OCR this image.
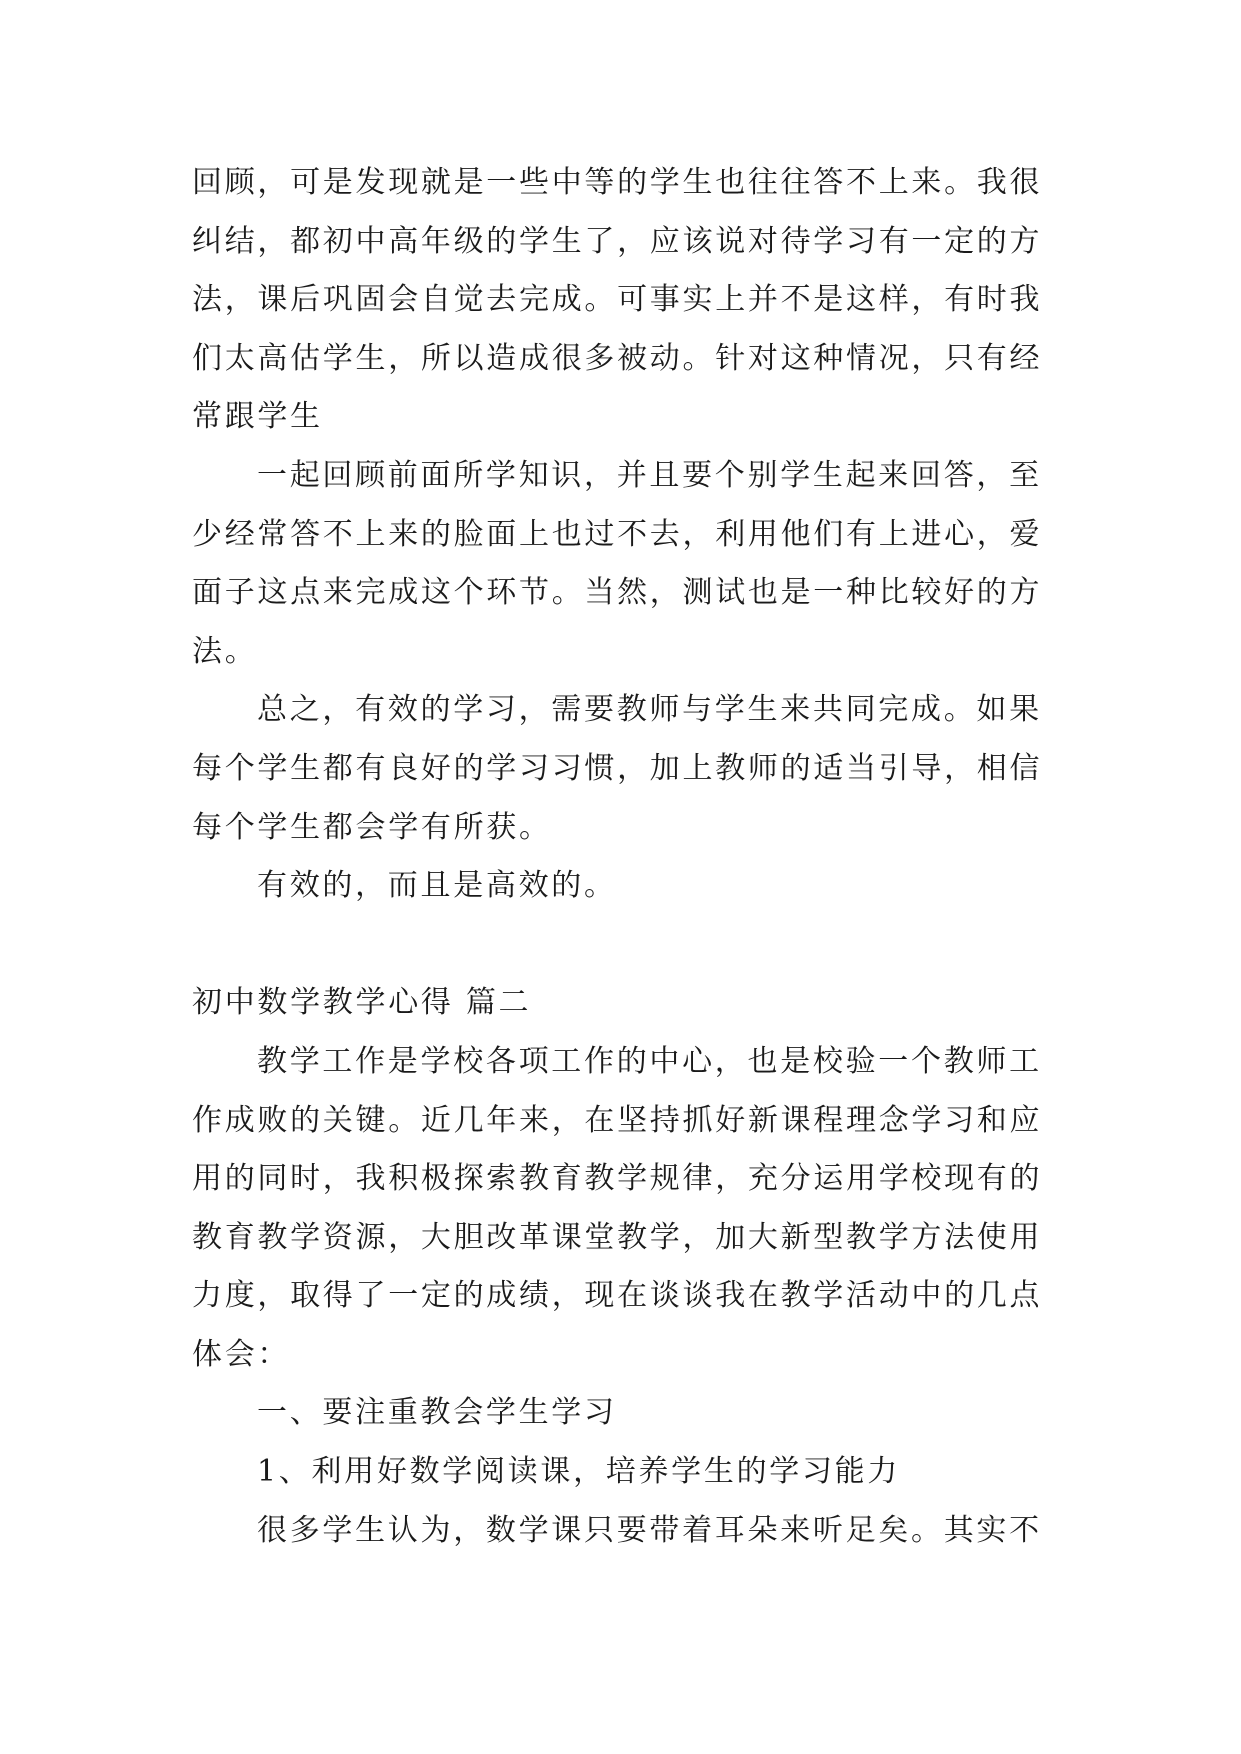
回顾，可是发现就是一些中等的学生也往往答不上来。我很
纠结，都初中高年级的学生了，应该说对待学习有一定的方
法，课后巩固会自觉去完成。可事实上并不是这样，有时我
们太高估学生，所以造成很多被动。针对这种情况，只有经
常跟学生
一起回顾前面所学知识，并且要个别学生起来回答，至
少经常答不上来的脸面上也过不去，利用他们有上进心，爱
面子这点来完成这个环节。当然，测试也是一种比较好的方
法。
总之，有效的学习，需要教师与学生来共同完成。如果
每个学生都有良好的学习习惯，加上教师的适当引导，相信
每个学生都会学有所获。
有效的，而且是高效的。
初中数学教学心得 篇二
教学工作是学校各项工作的中心，也是校验一个教师工
作成败的关键。近几年来，在坚持抓好新课程理念学习和应
用的同时，我积极探索教育教学规律，充分运用学校现有的
教育教学资源，大胆改革课堂教学，加大新型教学方法使用
力度，取得了一定的成绩，现在谈谈我在教学活动中的几点
体会：
一、要注重教会学生学习
1、利用好数学阅读课，培养学生的学习能力
很多学生认为，数学课只要带着耳朵来听足矣。其实不
